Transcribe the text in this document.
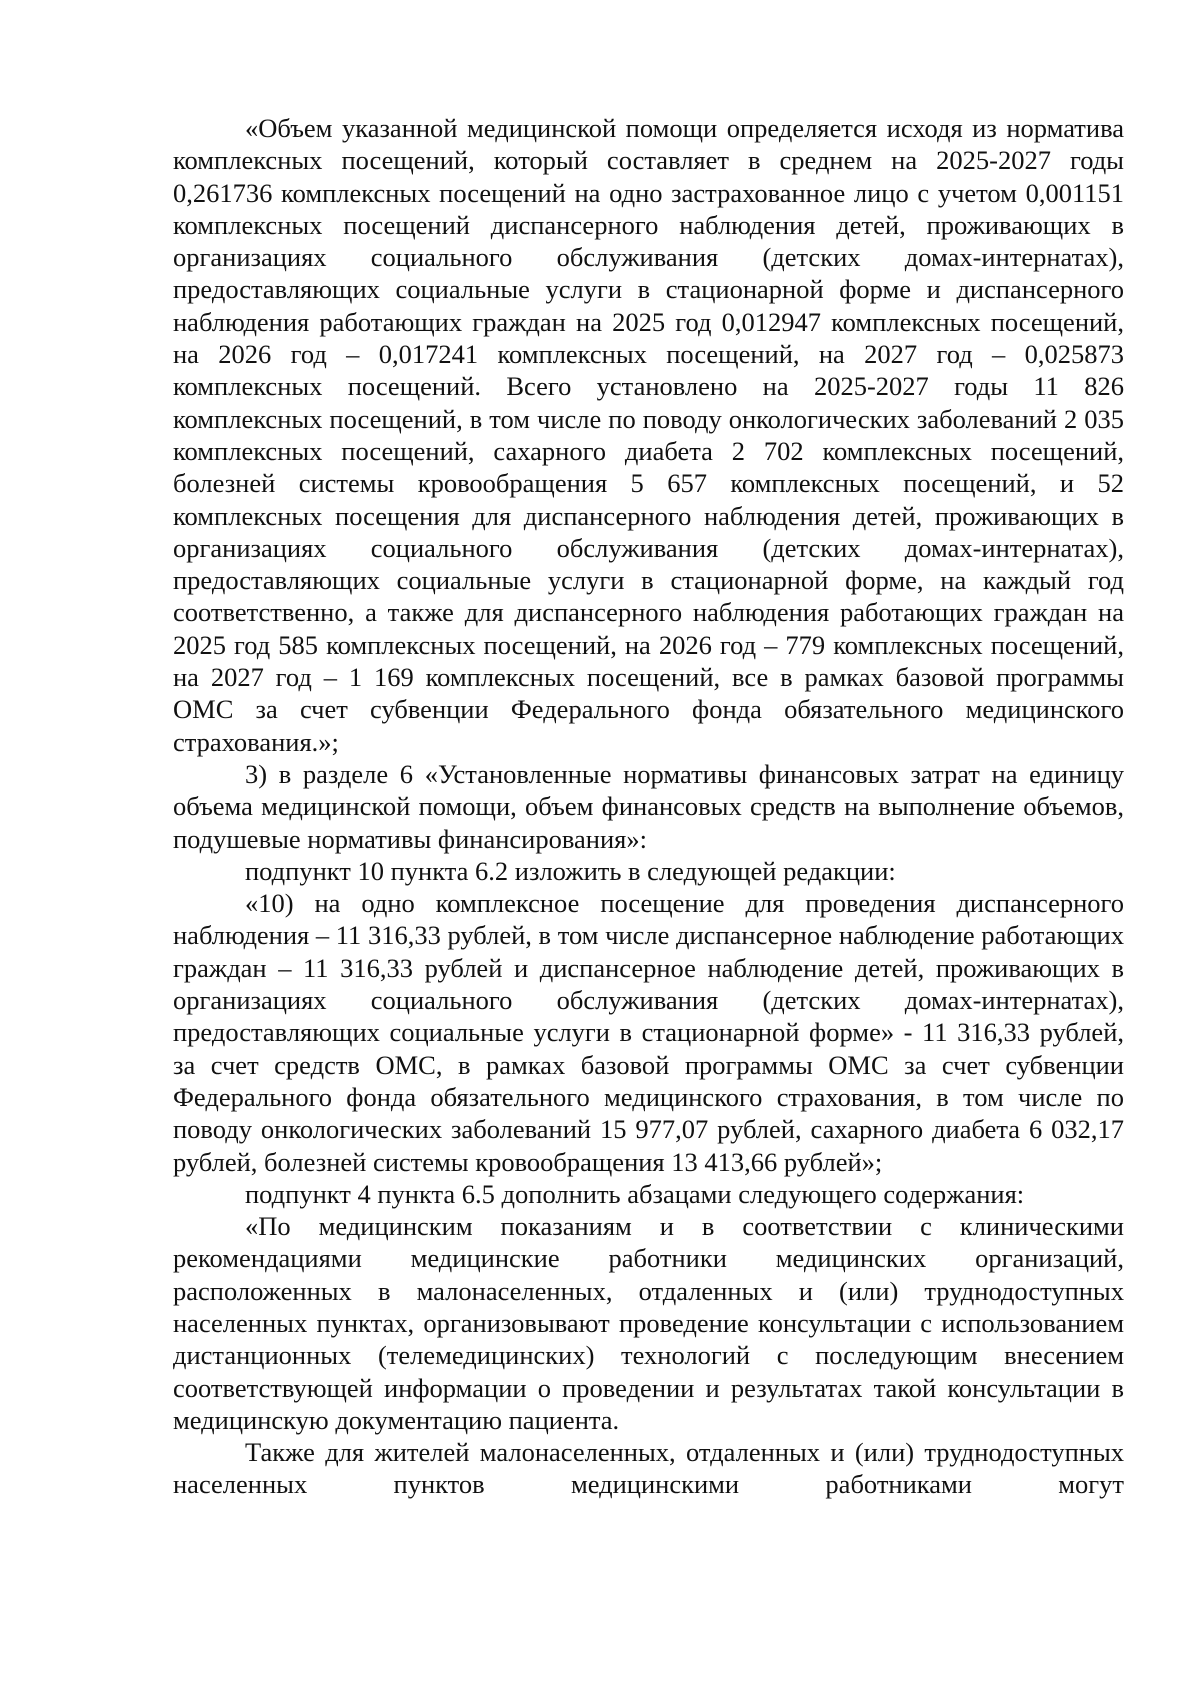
«Объем указанной медицинской помощи определяется исходя из норматива комплексных посещений, который составляет в среднем на 2025-2027 годы 0,261736 комплексных посещений на одно застрахованное лицо с учетом 0,001151 комплексных посещений диспансерного наблюдения детей, проживающих в организациях социального обслуживания (детских домах-интернатах), предоставляющих социальные услуги в стационарной форме и диспансерного наблюдения работающих граждан на 2025 год 0,012947 комплексных посещений, на 2026 год – 0,017241 комплексных посещений, на 2027 год – 0,025873 комплексных посещений. Всего установлено на 2025-2027 годы 11 826 комплексных посещений, в том числе по поводу онкологических заболеваний 2 035 комплексных посещений, сахарного диабета 2 702 комплексных посещений, болезней системы кровообращения 5 657 комплексных посещений, и 52 комплексных посещения для диспансерного наблюдения детей, проживающих в организациях социального обслуживания (детских домах-интернатах), предоставляющих социальные услуги в стационарной форме, на каждый год соответственно, а также для диспансерного наблюдения работающих граждан на 2025 год 585 комплексных посещений, на 2026 год – 779 комплексных посещений, на 2027 год – 1 169 комплексных посещений, все в рамках базовой программы ОМС за счет субвенции Федерального фонда обязательного медицинского страхования.»;

3) в разделе 6 «Установленные нормативы финансовых затрат на единицу объема медицинской помощи, объем финансовых средств на выполнение объемов, подушевые нормативы финансирования»:

подпункт 10 пункта 6.2 изложить в следующей редакции:

«10) на одно комплексное посещение для проведения диспансерного наблюдения – 11 316,33 рублей, в том числе диспансерное наблюдение работающих граждан – 11 316,33 рублей и диспансерное наблюдение детей, проживающих в организациях социального обслуживания (детских домах-интернатах), предоставляющих социальные услуги в стационарной форме» - 11 316,33 рублей, за счет средств ОМС, в рамках базовой программы ОМС за счет субвенции Федерального фонда обязательного медицинского страхования, в том числе по поводу онкологических заболеваний 15 977,07 рублей, сахарного диабета 6 032,17 рублей, болезней системы кровообращения 13 413,66 рублей»;

подпункт 4 пункта 6.5 дополнить абзацами следующего содержания:

«По медицинским показаниям и в соответствии с клиническими рекомендациями медицинские работники медицинских организаций, расположенных в малонаселенных, отдаленных и (или) труднодоступных населенных пунктах, организовывают проведение консультации с использованием дистанционных (телемедицинских) технологий с последующим внесением соответствующей информации о проведении и результатах такой консультации в медицинскую документацию пациента.

Также для жителей малонаселенных, отдаленных и (или) труднодоступных населенных пунктов медицинскими работниками могут
